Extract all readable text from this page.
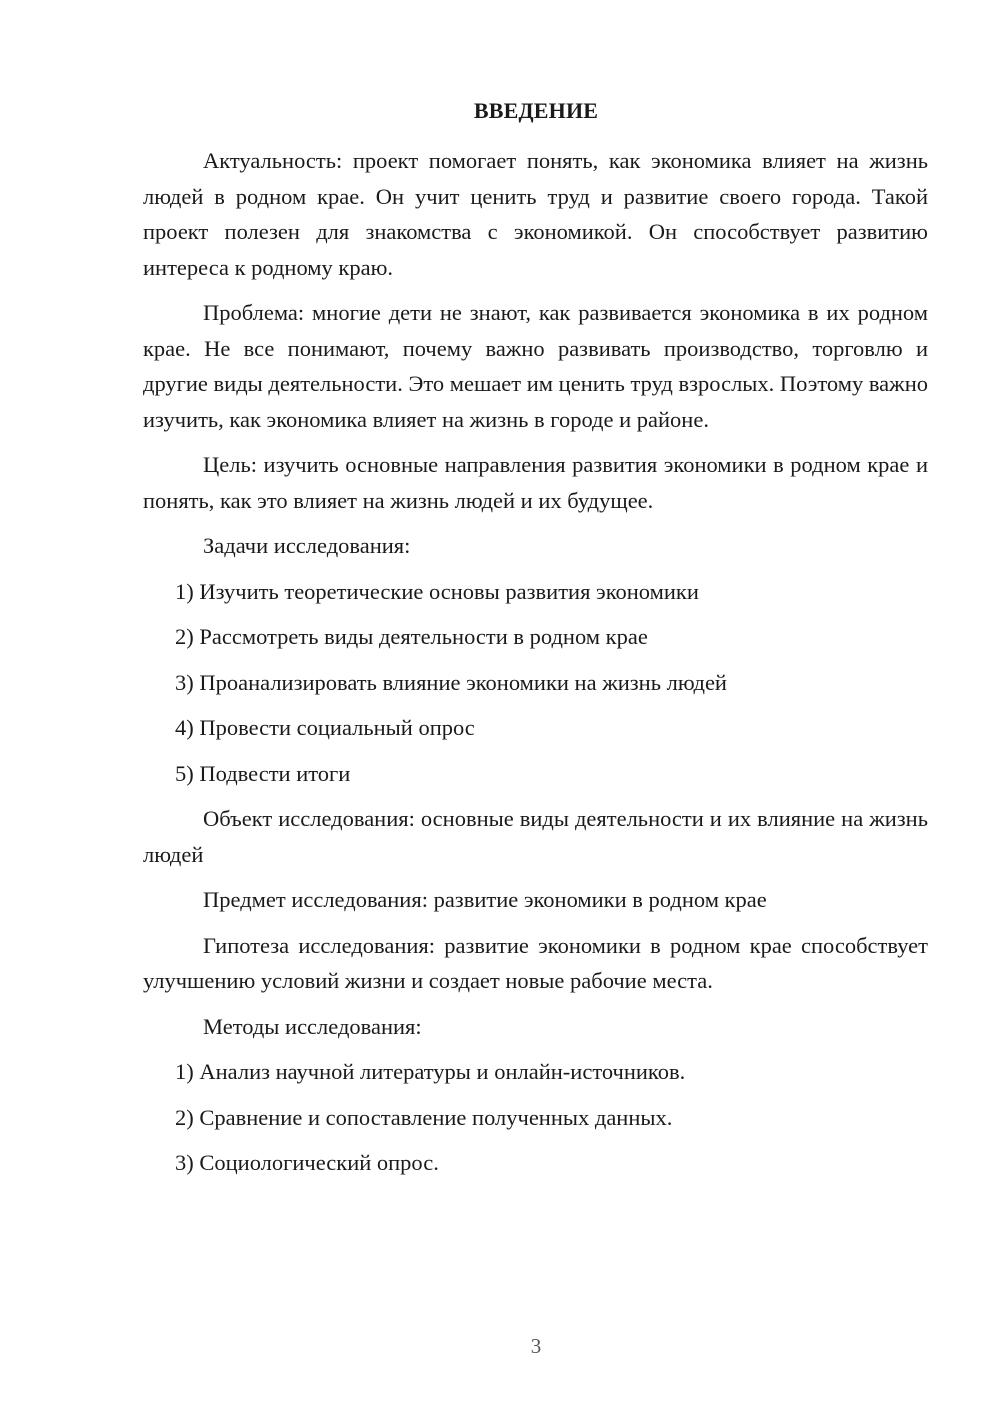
ВВЕДЕНИЕ

Актуальность: проект помогает понять, как экономика влияет на жизнь людей в родном крае. Он учит ценить труд и развитие своего города. Такой проект полезен для знакомства с экономикой. Он способствует развитию интереса к родному краю.

Проблема: многие дети не знают, как развивается экономика в их родном крае. Не все понимают, почему важно развивать производство, торговлю и другие виды деятельности. Это мешает им ценить труд взрослых. Поэтому важно изучить, как экономика влияет на жизнь в городе и районе.

Цель: изучить основные направления развития экономики в родном крае и понять, как это влияет на жизнь людей и их будущее.

Задачи исследования:

1) Изучить теоретические основы развития экономики

2) Рассмотреть виды деятельности в родном крае

3) Проанализировать влияние экономики на жизнь людей

4) Провести социальный опрос

5) Подвести итоги

Объект исследования: основные виды деятельности и их влияние на жизнь людей

Предмет исследования: развитие экономики в родном крае

Гипотеза исследования: развитие экономики в родном крае способствует улучшению условий жизни и создает новые рабочие места.

Методы исследования:

1) Анализ научной литературы и онлайн-источников.

2) Сравнение и сопоставление полученных данных.

3) Социологический опрос.

3
